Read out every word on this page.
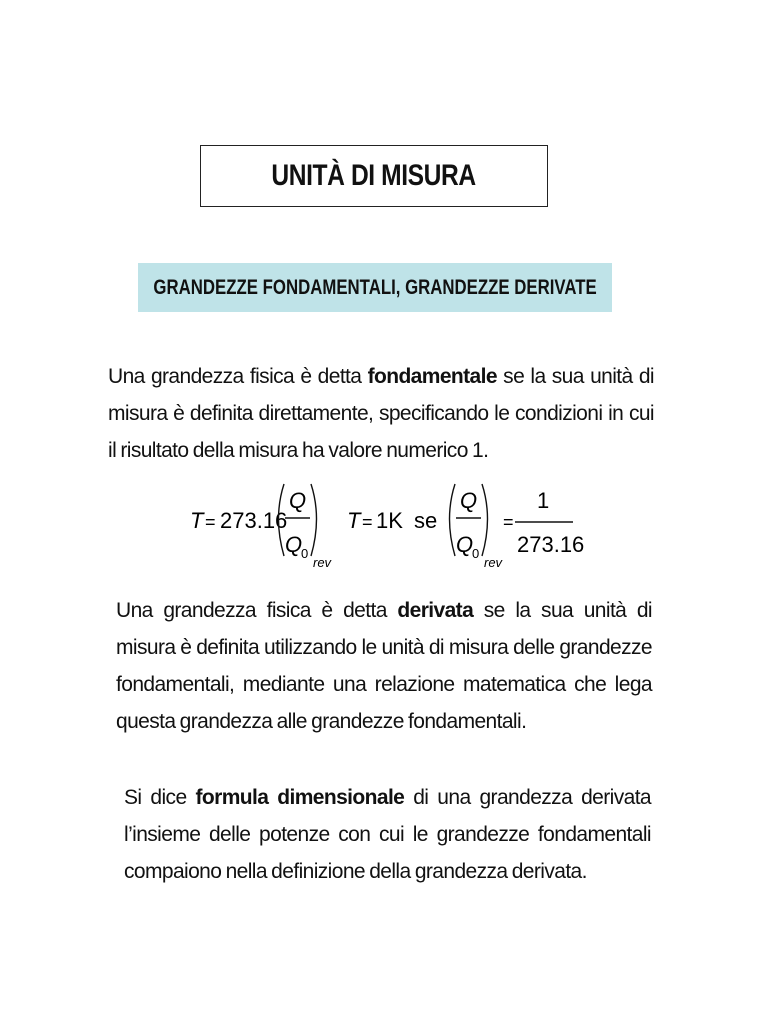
UNITÀ DI MISURA
GRANDEZZE FONDAMENTALI, GRANDEZZE DERIVATE
Una grandezza fisica è detta fondamentale se la sua unità di misura è definita direttamente, specificando le condizioni in cui il risultato della misura ha valore numerico 1.
T = 273.16
Q
Q
0
rev
T = 1K se
Q
Q
0
rev
=
1
273.16
Una grandezza fisica è detta derivata se la sua unità di misura è definita utilizzando le unità di misura delle grandezze fondamentali, mediante una relazione matematica che lega questa grandezza alle grandezze fondamentali.
Si dice formula dimensionale di una grandezza derivata l’insieme delle potenze con cui le grandezze fondamentali compaiono nella definizione della grandezza derivata.
